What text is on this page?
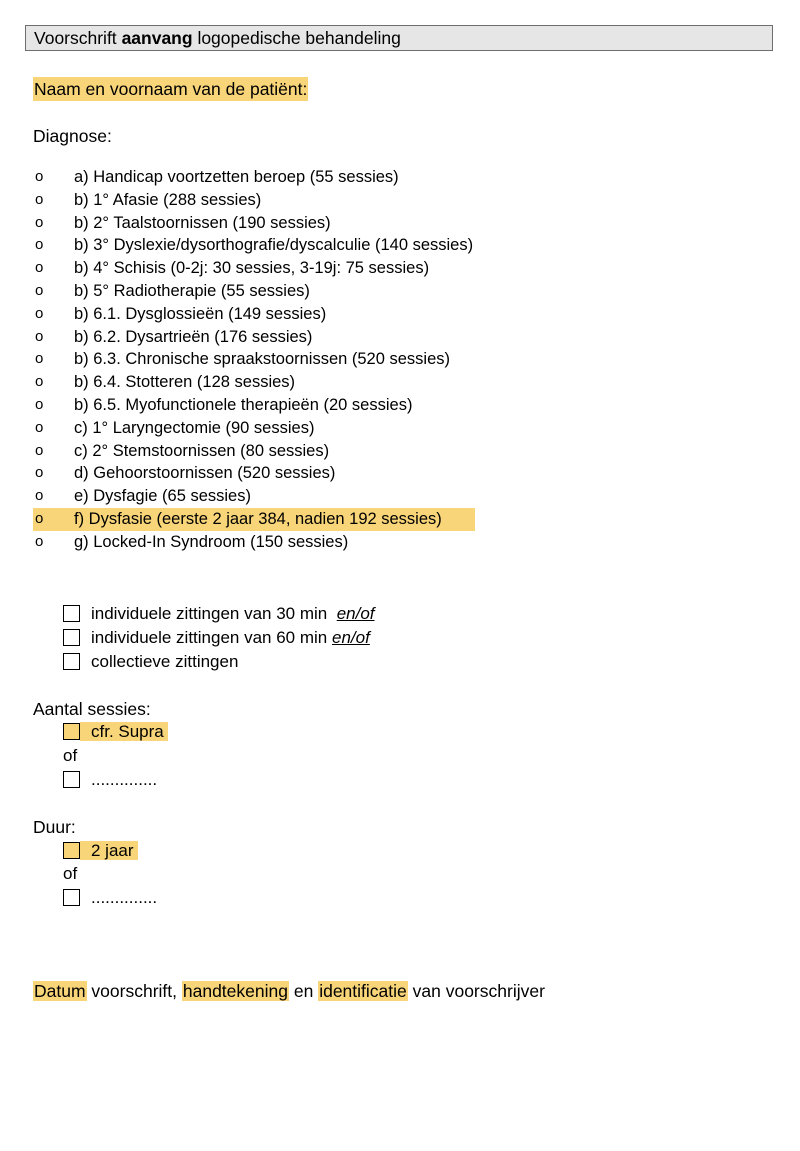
Voorschrift aanvang logopedische behandeling
Naam en voornaam van de patiënt:
Diagnose:
o a) Handicap voortzetten beroep (55 sessies)
o b) 1° Afasie (288 sessies)
o b) 2° Taalstoornissen (190 sessies)
o b) 3° Dyslexie/dysorthografie/dyscalculie (140 sessies)
o b) 4° Schisis (0-2j: 30 sessies, 3-19j: 75 sessies)
o b) 5° Radiotherapie (55 sessies)
o b) 6.1. Dysglossieën (149 sessies)
o b) 6.2. Dysartrieën (176 sessies)
o b) 6.3. Chronische spraakstoornissen (520 sessies)
o b) 6.4. Stotteren (128 sessies)
o b) 6.5. Myofunctionele therapieën (20 sessies)
o c) 1° Laryngectomie (90 sessies)
o c) 2° Stemstoornissen (80 sessies)
o d) Gehoorstoornissen (520 sessies)
o e) Dysfagie (65 sessies)
o f) Dysfasie (eerste 2 jaar 384, nadien 192 sessies)
o g) Locked-In Syndroom (150 sessies)
individuele zittingen van 30 min en/of
individuele zittingen van 60 min en/of
collectieve zittingen
Aantal sessies:
cfr. Supra
of
..............
Duur:
2 jaar
of
..............
Datum voorschrift, handtekening en identificatie van voorschrijver
